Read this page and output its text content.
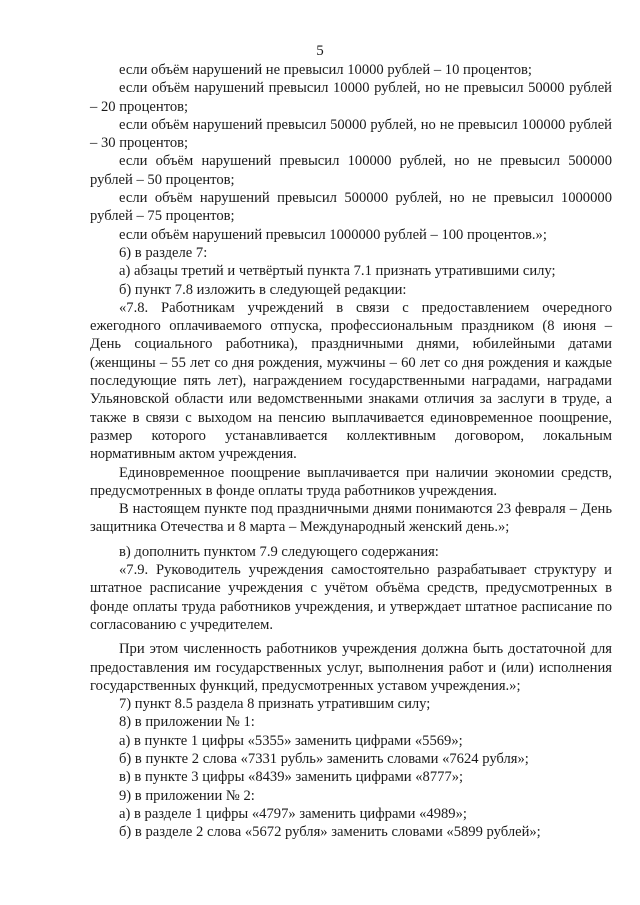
5

если объём нарушений не превысил 10000 рублей – 10 процентов;

если объём нарушений превысил 10000 рублей, но не превысил 50000 рублей – 20 процентов;

если объём нарушений превысил 50000 рублей, но не превысил 100000 рублей – 30 процентов;

если объём нарушений превысил 100000 рублей, но не превысил 500000 рублей – 50 процентов;

если объём нарушений превысил 500000 рублей, но не превысил 1000000 рублей – 75 процентов;

если объём нарушений превысил 1000000 рублей – 100 процентов.»;

6) в разделе 7:

а) абзацы третий и четвёртый пункта 7.1 признать утратившими силу;

б) пункт 7.8 изложить в следующей редакции:

«7.8. Работникам учреждений в связи с предоставлением очередного ежегодного оплачиваемого отпуска, профессиональным праздником (8 июня – День социального работника), праздничными днями, юбилейными датами (женщины – 55 лет со дня рождения, мужчины – 60 лет со дня рождения и каждые последующие пять лет), награждением государственными наградами, наградами Ульяновской области или ведомственными знаками отличия за заслуги в труде, а также в связи с выходом на пенсию выплачивается единовременное поощрение, размер которого устанавливается коллективным договором, локальным нормативным актом учреждения.

Единовременное поощрение выплачивается при наличии экономии средств, предусмотренных в фонде оплаты труда работников учреждения.

В настоящем пункте под праздничными днями понимаются 23 февраля – День защитника Отечества и 8 марта – Международный женский день.»;

в) дополнить пунктом 7.9 следующего содержания:

«7.9. Руководитель учреждения самостоятельно разрабатывает структуру и штатное расписание учреждения с учётом объёма средств, предусмотренных в фонде оплаты труда работников учреждения, и утверждает штатное расписание по согласованию с учредителем.

При этом численность работников учреждения должна быть достаточной для предоставления им государственных услуг, выполнения работ и (или) исполнения государственных функций, предусмотренных уставом учреждения.»;

7) пункт 8.5 раздела 8 признать утратившим силу;

8) в приложении № 1:

а) в пункте 1 цифры «5355» заменить цифрами «5569»;

б) в пункте 2 слова «7331 рубль» заменить словами «7624 рубля»;

в) в пункте 3 цифры «8439» заменить цифрами «8777»;

9) в приложении № 2:

а) в разделе 1 цифры «4797» заменить цифрами «4989»;

б) в разделе 2 слова «5672 рубля» заменить словами «5899 рублей»;
